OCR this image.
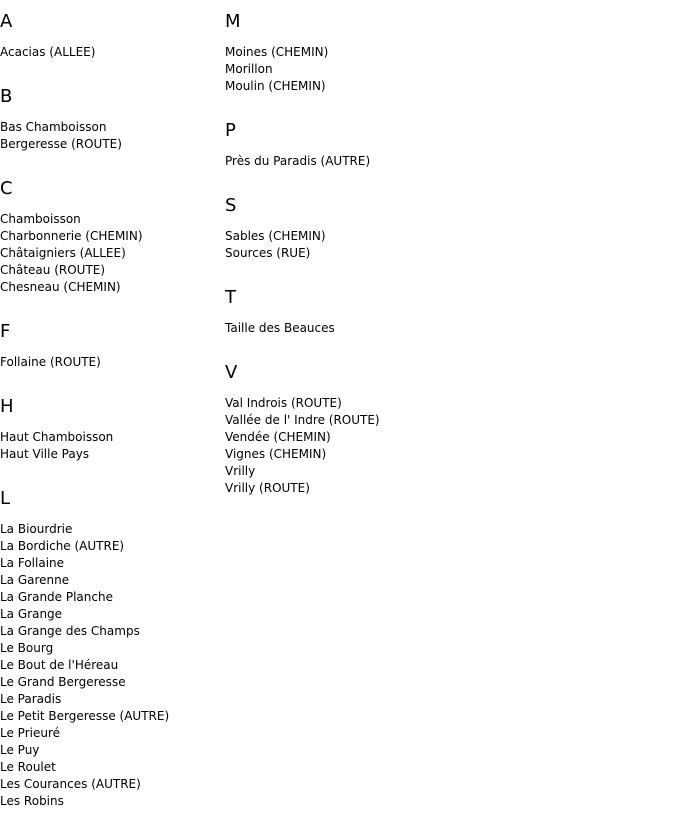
A
Acacias (ALLEE)
B
Bas Chamboisson
Bergeresse (ROUTE)
C
Chamboisson
Charbonnerie (CHEMIN)
Châtaigniers (ALLEE)
Château (ROUTE)
Chesneau (CHEMIN)
F
Follaine (ROUTE)
H
Haut Chamboisson
Haut Ville Pays
L
La Biourdrie
La Bordiche (AUTRE)
La Follaine
La Garenne
La Grande Planche
La Grange
La Grange des Champs
Le Bourg
Le Bout de l'Héreau
Le Grand Bergeresse
Le Paradis
Le Petit Bergeresse (AUTRE)
Le Prieuré
Le Puy
Le Roulet
Les Courances (AUTRE)
Les Robins
M
Moines (CHEMIN)
Morillon
Moulin (CHEMIN)
P
Près du Paradis (AUTRE)
S
Sables (CHEMIN)
Sources (RUE)
T
Taille des Beauces
V
Val Indrois (ROUTE)
Vallée de l' Indre (ROUTE)
Vendée (CHEMIN)
Vignes (CHEMIN)
Vrilly
Vrilly (ROUTE)
